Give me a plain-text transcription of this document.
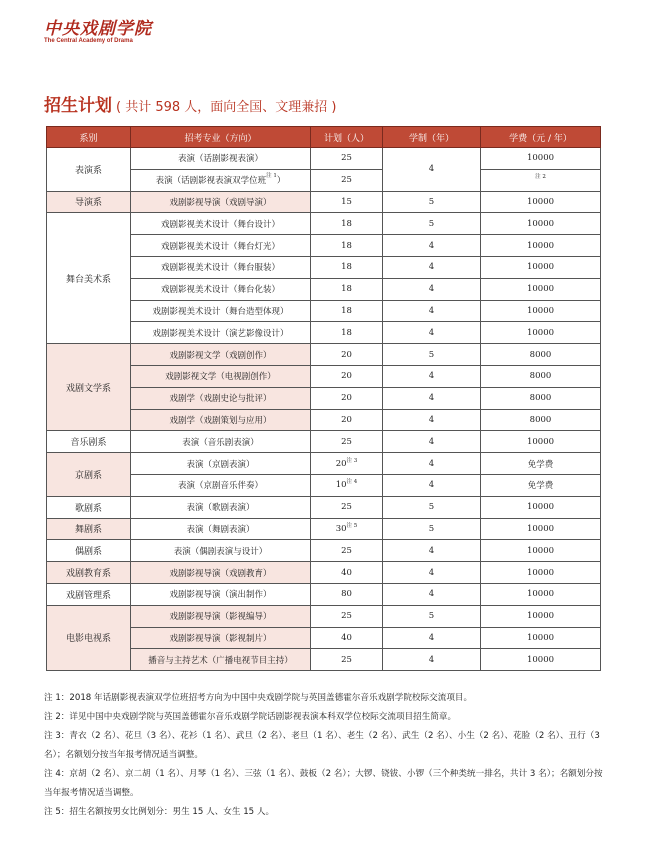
中央戏剧学院
The Central Academy of Drama
招生计划 ( 共计 598 人，面向全国、文理兼招 )
系别	招考专业（方向）	计划（人）	学制（年）	学费（元 / 年）
表演系	表演（话剧影视表演）	25	4	10000
	表演（话剧影视表演双学位班$^{注 1}$）	25		$^{注 2}$
导演系	戏剧影视导演（戏剧导演）	15	5	10000
舞台美术系	戏剧影视美术设计（舞台设计）	18	5	10000
	戏剧影视美术设计（舞台灯光）	18	4	10000
	戏剧影视美术设计（舞台服装）	18	4	10000
	戏剧影视美术设计（舞台化装）	18	4	10000
	戏剧影视美术设计（舞台造型体现）	18	4	10000
	戏剧影视美术设计（演艺影像设计）	18	4	10000
戏剧文学系	戏剧影视文学（戏剧创作）	20	5	8000
	戏剧影视文学（电视剧创作）	20	4	8000
	戏剧学（戏剧史论与批评）	20	4	8000
	戏剧学（戏剧策划与应用）	20	4	8000
音乐剧系	表演（音乐剧表演）	25	4	10000
京剧系	表演（京剧表演）	$20^{注 3}$	4	免学费
	表演（京剧音乐伴奏）	$10^{注 4}$	4	免学费
歌剧系	表演（歌剧表演）	25	5	10000
舞剧系	表演（舞剧表演）	$30^{注 5}$	5	10000
偶剧系	表演（偶剧表演与设计）	25	4	10000
戏剧教育系	戏剧影视导演（戏剧教育）	40	4	10000
戏剧管理系	戏剧影视导演（演出制作）	80	4	10000
电影电视系	戏剧影视导演（影视编导）	25	5	10000
	戏剧影视导演（影视制片）	40	4	10000
	播音与主持艺术（广播电视节目主持）	25	4	10000

注 1：2018 年话剧影视表演双学位班招考方向为中国中央戏剧学院与英国盖德霍尔音乐戏剧学院校际交流项目。

注 2：详见中国中央戏剧学院与英国盖德霍尔音乐戏剧学院话剧影视表演本科双学位校际交流项目招生简章。

注 3：青衣（2 名）、花旦（3 名）、花衫（1 名）、武旦（2 名）、老旦（1 名）、老生（2 名）、武生（2 名）、小生（2 名）、花脸（2 名）、丑行（3 名）；名额划分按当年报考情况适当调整。

注 4：京胡（2 名）、京二胡（1 名）、月琴（1 名）、三弦（1 名）、鼓板（2 名）；大锣、铙钹、小锣（三个种类统一排名，共计 3 名）；名额划分按当年报考情况适当调整。

注 5：招生名额按男女比例划分：男生 15 人、女生 15 人。
